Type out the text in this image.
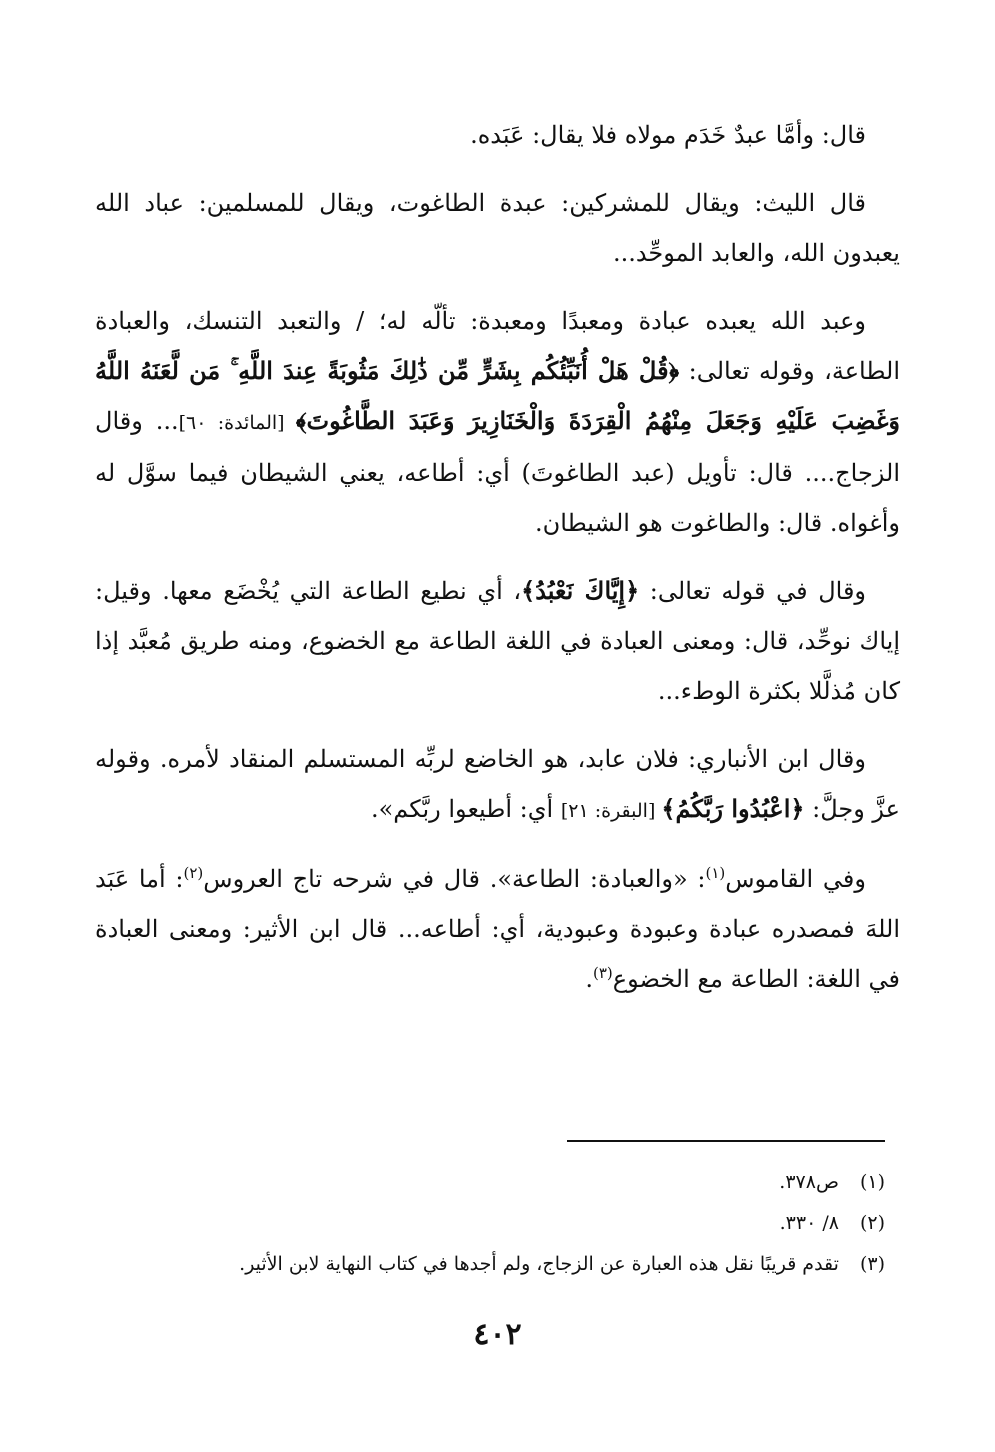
قال: وأمَّا عبدٌ خَدَم مولاه فلا يقال: عَبَده.

قال الليث: ويقال للمشركين: عبدة الطاغوت، ويقال للمسلمين: عباد الله يعبدون الله، والعابد الموحِّد...

وعبد الله يعبده عبادة ومعبدًا ومعبدة: تألّه له؛ / والتعبد التنسك، والعبادة الطاعة، وقوله تعالى: ﴿قُلْ هَلْ أُنَبِّئُكُم بِشَرٍّ مِّن ذَٰلِكَ مَثُوبَةً عِندَ اللَّهِ ۚ مَن لَّعَنَهُ اللَّهُ وَغَضِبَ عَلَيْهِ وَجَعَلَ مِنْهُمُ الْقِرَدَةَ وَالْخَنَازِيرَ وَعَبَدَ الطَّاغُوتَ﴾ [المائدة: ٦٠]... وقال الزجاج.... قال: تأويل (عبد الطاغوتَ) أي: أطاعه، يعني الشيطان فيما سوَّل له وأغواه. قال: والطاغوت هو الشيطان.

وقال في قوله تعالى: ﴿إِيَّاكَ نَعْبُدُ﴾، أي نطيع الطاعة التي يُخْضَع معها. وقيل: إياك نوحِّد، قال: ومعنى العبادة في اللغة الطاعة مع الخضوع، ومنه طريق مُعبَّد إذا كان مُذلَّلا بكثرة الوطء...

وقال ابن الأنباري: فلان عابد، هو الخاضع لربِّه المستسلم المنقاد لأمره. وقوله عزَّ وجلَّ: ﴿اعْبُدُوا رَبَّكُمُ﴾ [البقرة: ٢١] أي: أطيعوا ربَّكم».

وفي القاموس$^{(١)}$: «والعبادة: الطاعة». قال في شرحه تاج العروس$^{(٢)}$: أما عَبَد اللهَ فمصدره عبادة وعبودة وعبودية، أي: أطاعه... قال ابن الأثير: ومعنى العبادة في اللغة: الطاعة مع الخضوع$^{(٣)}$.

(١) ص٣٧٨.
(٢) ٨/ ٣٣٠.
(٣) تقدم قريبًا نقل هذه العبارة عن الزجاج، ولم أجدها في كتاب النهاية لابن الأثير.
٤٠٢
